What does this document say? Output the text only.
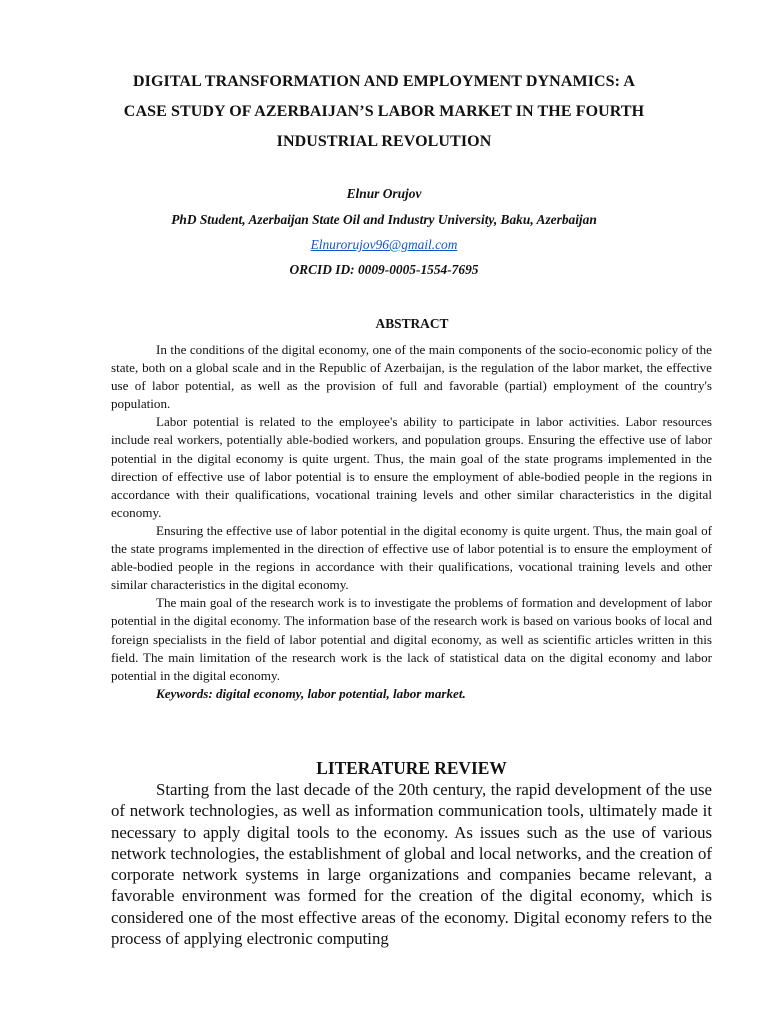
DIGITAL TRANSFORMATION AND EMPLOYMENT DYNAMICS: A
CASE STUDY OF AZERBAIJAN’S LABOR MARKET IN THE FOURTH
INDUSTRIAL REVOLUTION
Elnur Orujov
PhD Student, Azerbaijan State Oil and Industry University, Baku, Azerbaijan
Elnurorujov96@gmail.com
ORCID ID: 0009-0005-1554-7695
ABSTRACT

In the conditions of the digital economy, one of the main components of the socio-economic policy of the state, both on a global scale and in the Republic of Azerbaijan, is the regulation of the labor market, the effective use of labor potential, as well as the provision of full and favorable (partial) employment of the country's population.

Labor potential is related to the employee's ability to participate in labor activities. Labor resources include real workers, potentially able-bodied workers, and population groups. Ensuring the effective use of labor potential in the digital economy is quite urgent. Thus, the main goal of the state programs implemented in the direction of effective use of labor potential is to ensure the employment of able-bodied people in the regions in accordance with their qualifications, vocational training levels and other similar characteristics in the digital economy.

Ensuring the effective use of labor potential in the digital economy is quite urgent. Thus, the main goal of the state programs implemented in the direction of effective use of labor potential is to ensure the employment of able-bodied people in the regions in accordance with their qualifications, vocational training levels and other similar characteristics in the digital economy.

The main goal of the research work is to investigate the problems of formation and development of labor potential in the digital economy. The information base of the research work is based on various books of local and foreign specialists in the field of labor potential and digital economy, as well as scientific articles written in this field. The main limitation of the research work is the lack of statistical data on the digital economy and labor potential in the digital economy.

Keywords: digital economy, labor potential, labor market.

LITERATURE REVIEW

Starting from the last decade of the 20th century, the rapid development of the use of network technologies, as well as information communication tools, ultimately made it necessary to apply digital tools to the economy. As issues such as the use of various network technologies, the establishment of global and local networks, and the creation of corporate network systems in large organizations and companies became relevant, a favorable environment was formed for the creation of the digital economy, which is considered one of the most effective areas of the economy. Digital economy refers to the process of applying electronic computing
